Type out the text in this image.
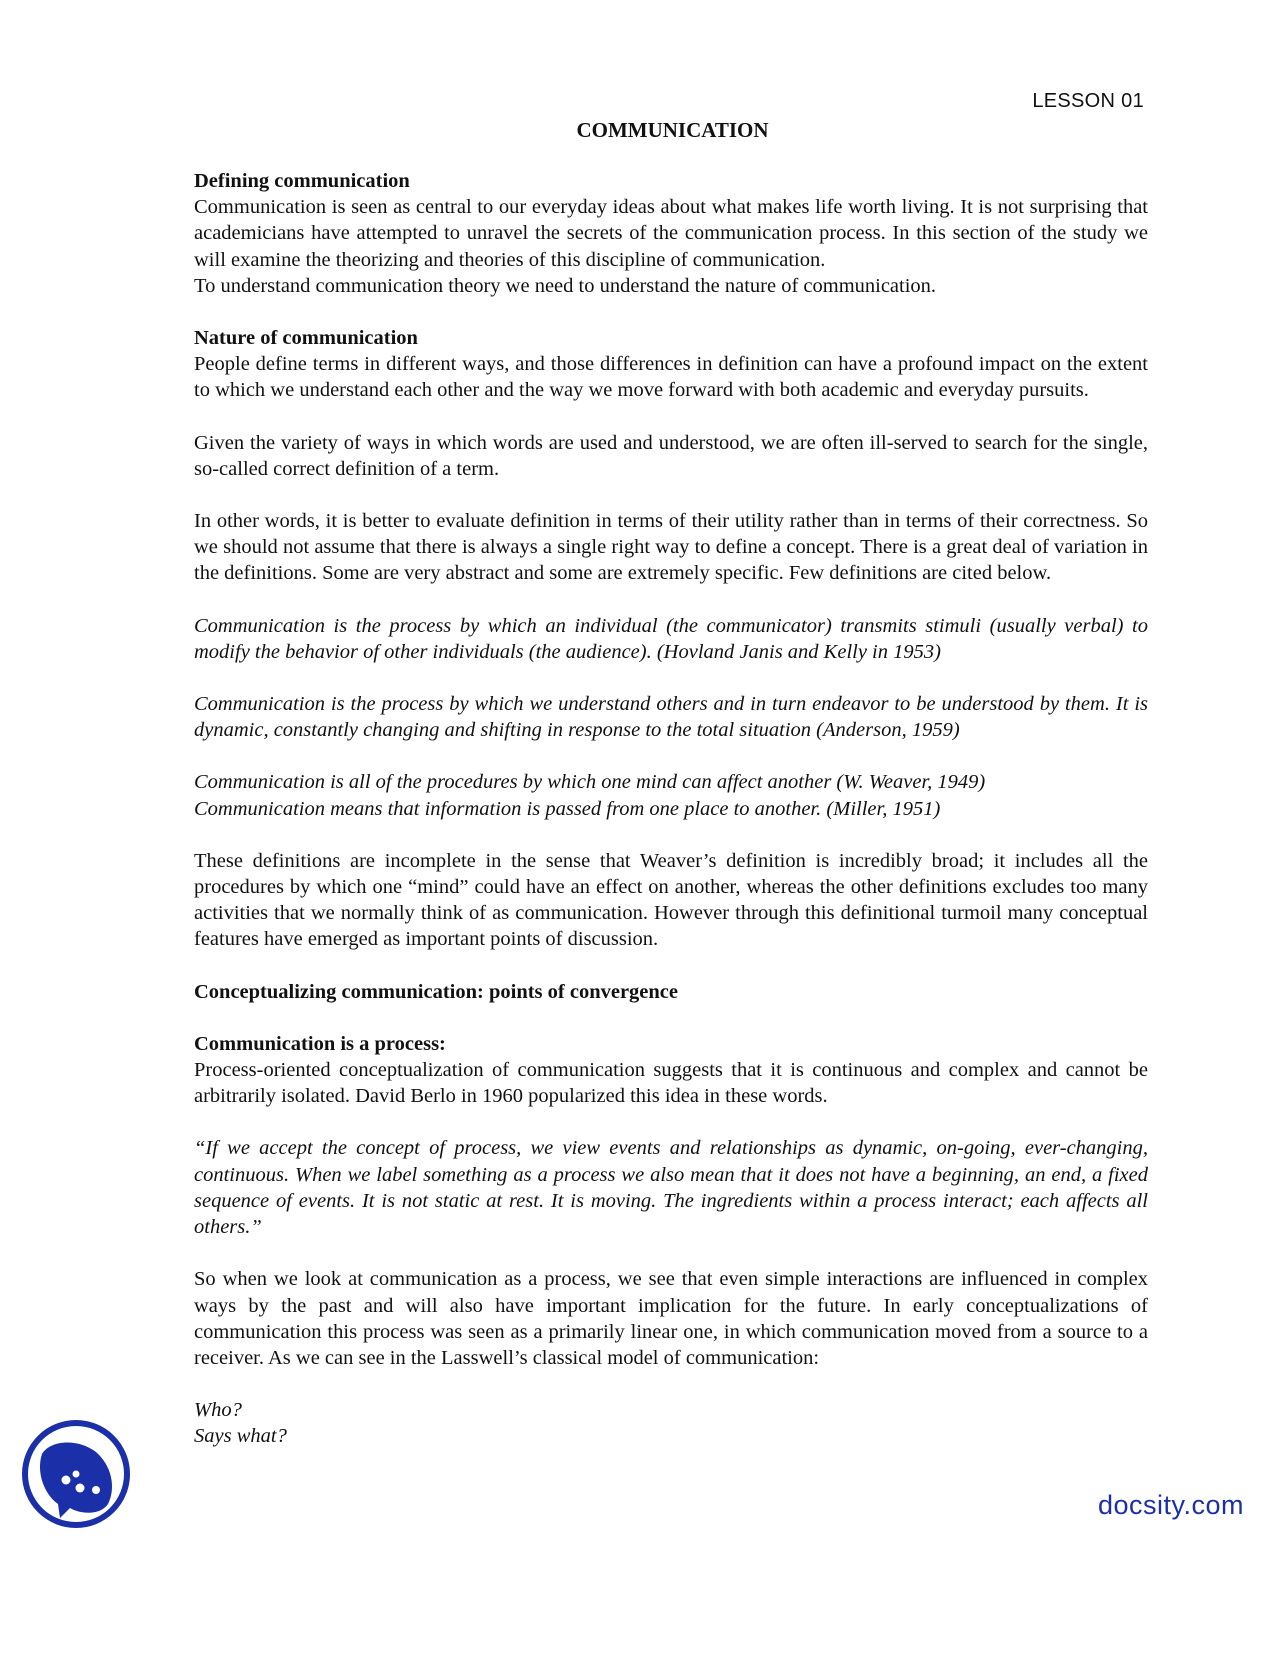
LESSON 01
COMMUNICATION

Defining communication
Communication is seen as central to our everyday ideas about what makes life worth living. It is not surprising that academicians have attempted to unravel the secrets of the communication process. In this section of the study we will examine the theorizing and theories of this discipline of communication.

To understand communication theory we need to understand the nature of communication.

Nature of communication
People define terms in different ways, and those differences in definition can have a profound impact on the extent to which we understand each other and the way we move forward with both academic and everyday pursuits.

Given the variety of ways in which words are used and understood, we are often ill-served to search for the single, so-called correct definition of a term.

In other words, it is better to evaluate definition in terms of their utility rather than in terms of their correctness. So we should not assume that there is always a single right way to define a concept. There is a great deal of variation in the definitions. Some are very abstract and some are extremely specific. Few definitions are cited below.

Communication is the process by which an individual (the communicator) transmits stimuli (usually verbal) to modify the behavior of other individuals (the audience). (Hovland Janis and Kelly in 1953)

Communication is the process by which we understand others and in turn endeavor to be understood by them. It is dynamic, constantly changing and shifting in response to the total situation (Anderson, 1959)

Communication is all of the procedures by which one mind can affect another (W. Weaver, 1949)
Communication means that information is passed from one place to another. (Miller, 1951)

These definitions are incomplete in the sense that Weaver’s definition is incredibly broad; it includes all the procedures by which one “mind” could have an effect on another, whereas the other definitions excludes too many activities that we normally think of as communication. However through this definitional turmoil many conceptual features have emerged as important points of discussion.

Conceptualizing communication: points of convergence

Communication is a process:
Process-oriented conceptualization of communication suggests that it is continuous and complex and cannot be arbitrarily isolated. David Berlo in 1960 popularized this idea in these words.

“If we accept the concept of process, we view events and relationships as dynamic, on-going, ever-changing, continuous. When we label something as a process we also mean that it does not have a beginning, an end, a fixed sequence of events. It is not static at rest. It is moving. The ingredients within a process interact; each affects all others.”

So when we look at communication as a process, we see that even simple interactions are influenced in complex ways by the past and will also have important implication for the future. In early conceptualizations of communication this process was seen as a primarily linear one, in which communication moved from a source to a receiver. As we can see in the Lasswell’s classical model of communication:

Who?
Says what?

docsity.com
